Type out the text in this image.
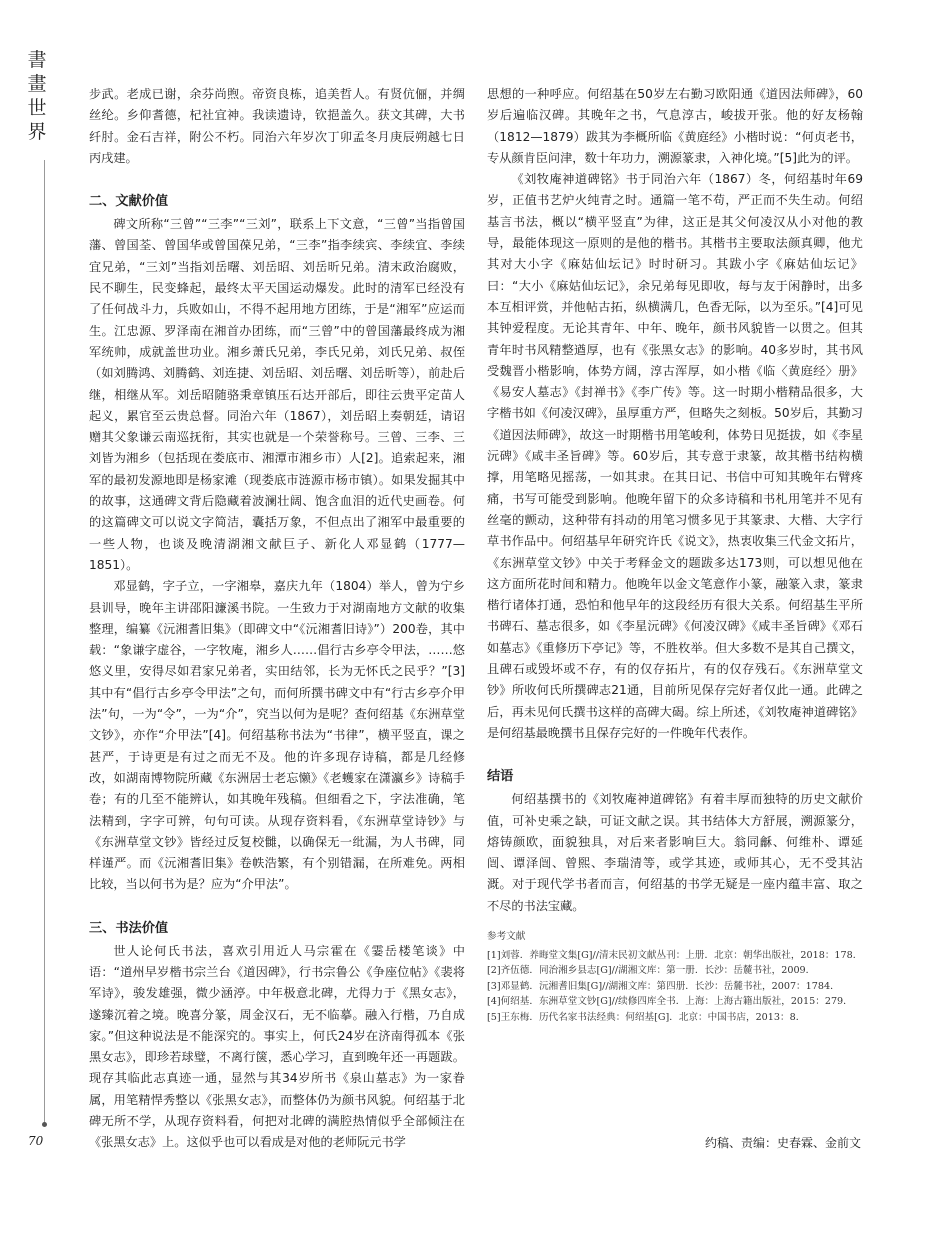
書畫世界
70

步武。老成已谢，余芬尚煦。帝资良栋，追美哲人。有贤伉俪，并绸丝纶。乡仰耆德，杞社宜神。我读遗诗，钦挹盖久。获文其碑，大书纤肘。金石吉祥，附公不朽。同治六年岁次丁卯孟冬月庚辰朔越七日丙戌建。

二、文献价值

碑文所称“三曾”“三李”“三刘”，联系上下文意，“三曾”当指曾国藩、曾国荃、曾国华或曾国葆兄弟，“三李”指李续宾、李续宜、李续宜兄弟，“三刘”当指刘岳曙、刘岳昭、刘岳昕兄弟。清末政治腐败，民不聊生，民变蜂起，最终太平天国运动爆发。此时的清军已经没有了任何战斗力，兵败如山，不得不起用地方团练，于是“湘军”应运而生。江忠源、罗泽南在湘首办团练，而“三曾”中的曾国藩最终成为湘军统帅，成就盖世功业。湘乡萧氏兄弟，李氏兄弟，刘氏兄弟、叔侄（如刘腾鸿、刘腾鹤、刘连捷、刘岳昭、刘岳曙、刘岳昕等），前赴后继，相继从军。刘岳昭随骆秉章镇压石达开部后，即往云贵平定苗人起义，累官至云贵总督。同治六年（1867），刘岳昭上奏朝廷，请诏赠其父象谦云南巡抚衔，其实也就是一个荣誉称号。三曾、三李、三刘皆为湘乡（包括现在娄底市、湘潭市湘乡市）人[2]。追索起来，湘军的最初发源地即是杨家滩（现娄底市涟源市杨市镇）。如果发掘其中的故事，这通碑文背后隐藏着波澜壮阔、饱含血泪的近代史画卷。何的这篇碑文可以说文字简洁，囊括万象，不但点出了湘军中最重要的一些人物，也谈及晚清湖湘文献巨子、新化人邓显鹤（1777—1851）。

邓显鹤，字子立，一字湘皋，嘉庆九年（1804）举人，曾为宁乡县训导，晚年主讲邵阳濂溪书院。一生致力于对湖南地方文献的收集整理，编纂《沅湘耆旧集》（即碑文中“《沅湘耆旧诗》”）200卷，其中载：“象谦字虚谷，一字牧庵，湘乡人……倡行古乡亭令甲法，……悠悠义里，安得尽如君家兄弟者，实田结邻，长为无怀氏之民乎？”[3]其中有“倡行古乡亭令甲法”之句，而何所撰书碑文中有“行古乡亭介甲法”句，一为“令”，一为“介”，究当以何为是呢？查何绍基《东洲草堂文钞》，亦作“介甲法”[4]。何绍基称书法为“书律”，横平竖直，课之甚严，于诗更是有过之而无不及。他的许多现存诗稿，都是几经修改，如湖南博物院所藏《东洲居士老忘懒》《老蠖家在潇瀛乡》诗稿手卷；有的几至不能辨认，如其晚年残稿。但细看之下，字法准确，笔法精到，字字可辨，句句可读。从现存资料看，《东洲草堂诗钞》与《东洲草堂文钞》皆经过反复校雠，以确保无一纰漏，为人书碑，同样谨严。而《沅湘耆旧集》卷帙浩繁，有个别错漏，在所难免。两相比较，当以何书为是？应为“介甲法”。

三、书法价值

世人论何氏书法，喜欢引用近人马宗霍在《霎岳楼笔谈》中语：“道州早岁楷书宗兰台《道因碑》，行书宗鲁公《争座位帖》《裴将军诗》，骏发雄强，微少涵渟。中年极意北碑，尤得力于《黑女志》，遂臻沉着之境。晚喜分篆，周金汉石，无不临摹。融入行楷，乃自成家。”但这种说法是不能深究的。事实上，何氏24岁在济南得孤本《张黑女志》，即珍若球璧，不离行箧，悉心学习，直到晚年还一再题跋。现存其临此志真迹一通，显然与其34岁所书《泉山墓志》为一家眷属，用笔精悍秀整以《张黑女志》，而整体仍为颜书风貌。何绍基于北碑无所不学，从现存资料看，何把对北碑的满腔热情似乎全部倾注在《张黑女志》上。这似乎也可以看成是对他的老师阮元书学

思想的一种呼应。何绍基在50岁左右勤习欧阳通《道因法师碑》，60岁后遍临汉碑。其晚年之书，气息淳古，峻拔开张。他的好友杨翰（1812—1879）跋其为李概所临《黄庭经》小楷时说：“何贞老书，专从颜肯臣问津，数十年功力，溯源篆隶，入神化境。”[5]此为的评。

《刘牧庵神道碑铭》书于同治六年（1867）冬，何绍基时年69岁，正值书艺炉火纯青之时。通篇一笔不苟，严正而不失生动。何绍基言书法，概以“横平竖直”为律，这正是其父何凌汉从小对他的教导，最能体现这一原则的是他的楷书。其楷书主要取法颜真卿，他尤其对大小字《麻姑仙坛记》时时研习。其跋小字《麻姑仙坛记》曰：“大小《麻姑仙坛记》，余兄弟每见即收，每与友于闲静时，出多本互相评赏，并他帖古拓，纵横满几，色香无际，以为至乐。”[4]可见其钟爱程度。无论其青年、中年、晚年，颜书风貌皆一以贯之。但其青年时书风精整遒厚，也有《张黑女志》的影响。40多岁时，其书风受魏晋小楷影响，体势方阔，淳古浑厚，如小楷《临〈黄庭经〉册》《易安人墓志》《封禅书》《李广传》等。这一时期小楷精品很多，大字楷书如《何凌汉碑》，虽厚重方严，但略失之刻板。50岁后，其勤习《道因法师碑》，故这一时期楷书用笔峻利，体势日见挺拔，如《李星沅碑》《咸丰圣旨碑》等。60岁后，其专意于隶篆，故其楷书结构横撑，用笔略见摇荡，一如其隶。在其日记、书信中可知其晚年右臂疼痛，书写可能受到影响。他晚年留下的众多诗稿和书札用笔并不见有丝毫的颤动，这种带有抖动的用笔习惯多见于其篆隶、大楷、大字行草书作品中。何绍基早年研究许氏《说文》，热衷收集三代金文拓片，《东洲草堂文钞》中关于考释金文的题跋多达173则，可以想见他在这方面所花时间和精力。他晚年以金文笔意作小篆，融篆入隶，篆隶楷行诸体打通，恐怕和他早年的这段经历有很大关系。何绍基生平所书碑石、墓志很多，如《李星沅碑》《何凌汉碑》《咸丰圣旨碑》《邓石如墓志》《重修历下亭记》等，不胜枚举。但大多数不是其自己撰文，且碑石或毁坏或不存，有的仅存拓片，有的仅存残石。《东洲草堂文钞》所收何氏所撰碑志21通，目前所见保存完好者仅此一通。此碑之后，再未见何氏撰书这样的高碑大碣。综上所述，《刘牧庵神道碑铭》是何绍基最晚撰书且保存完好的一件晚年代表作。

结语

何绍基撰书的《刘牧庵神道碑铭》有着丰厚而独特的历史文献价值，可补史乘之缺，可证文献之误。其书结体大方舒展，溯源篆分，熔铸颜欧，面貌独具，对后来者影响巨大。翁同龢、何维朴、谭延闿、谭泽闿、曾熙、李瑞清等，或学其迹，或师其心，无不受其沾溉。对于现代学书者而言，何绍基的书学无疑是一座内蕴丰富、取之不尽的书法宝藏。

参考文献

[1]刘蓉．养晦堂文集[G]//清末民初文献丛刊：上册．北京：朝华出版社，2018：178．

[2]齐伍德．同治湘乡县志[G]//湖湘文库：第一册．长沙：岳麓书社，2009．

[3]邓显鹤．沅湘耆旧集[G]//湖湘文库：第四册．长沙：岳麓书社，2007：1784．

[4]何绍基．东洲草堂文钞[G]//续修四库全书．上海：上海古籍出版社，2015：279．

[5]王东梅．历代名家书法经典：何绍基[G]．北京：中国书店，2013：8．

约稿、责编：史春霖、金前文
